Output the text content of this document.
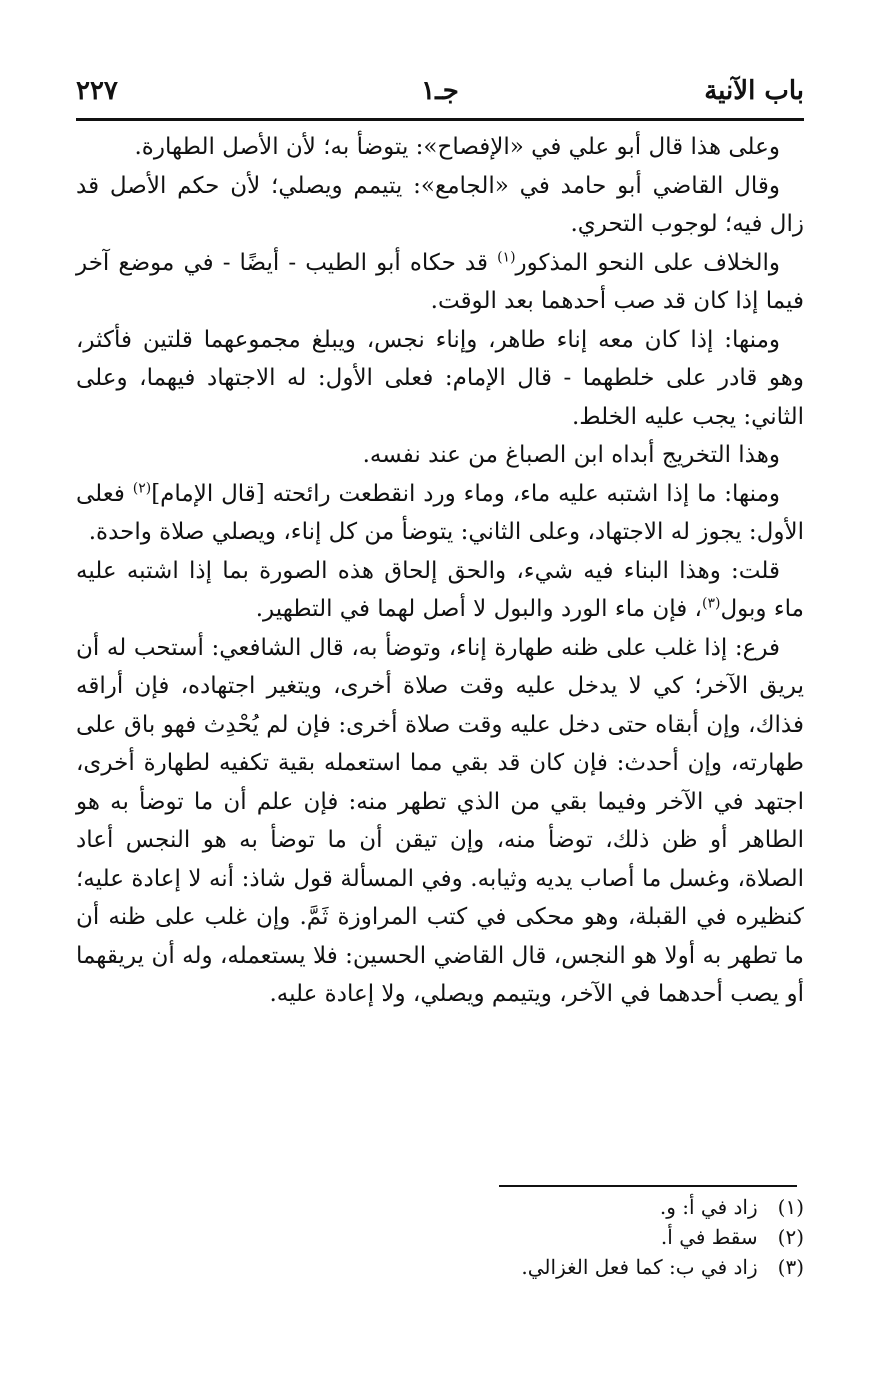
باب الآنية
جـ١
٢٢٧

وعلى هذا قال أبو علي في «الإفصاح»: يتوضأ به؛ لأن الأصل الطهارة.

وقال القاضي أبو حامد في «الجامع»: يتيمم ويصلي؛ لأن حكم الأصل قد زال فيه؛ لوجوب التحري.

والخلاف على النحو المذكور$^{(١)}$ قد حكاه أبو الطيب - أيضًا - في موضع آخر فيما إذا كان قد صب أحدهما بعد الوقت.

ومنها: إذا كان معه إناء طاهر، وإناء نجس، ويبلغ مجموعهما قلتين فأكثر، وهو قادر على خلطهما - قال الإمام: فعلى الأول: له الاجتهاد فيهما، وعلى الثاني: يجب عليه الخلط.

وهذا التخريج أبداه ابن الصباغ من عند نفسه.

ومنها: ما إذا اشتبه عليه ماء، وماء ورد انقطعت رائحته [قال الإمام]$^{(٢)}$ فعلى الأول: يجوز له الاجتهاد، وعلى الثاني: يتوضأ من كل إناء، ويصلي صلاة واحدة.

قلت: وهذا البناء فيه شيء، والحق إلحاق هذه الصورة بما إذا اشتبه عليه ماء وبول$^{(٣)}$، فإن ماء الورد والبول لا أصل لهما في التطهير.

فرع: إذا غلب على ظنه طهارة إناء، وتوضأ به، قال الشافعي: أستحب له أن يريق الآخر؛ كي لا يدخل عليه وقت صلاة أخرى، ويتغير اجتهاده، فإن أراقه فذاك، وإن أبقاه حتى دخل عليه وقت صلاة أخرى: فإن لم يُحْدِث فهو باق على طهارته، وإن أحدث: فإن كان قد بقي مما استعمله بقية تكفيه لطهارة أخرى، اجتهد في الآخر وفيما بقي من الذي تطهر منه: فإن علم أن ما توضأ به هو الطاهر أو ظن ذلك، توضأ منه، وإن تيقن أن ما توضأ به هو النجس أعاد الصلاة، وغسل ما أصاب يديه وثيابه. وفي المسألة قول شاذ: أنه لا إعادة عليه؛ كنظيره في القبلة، وهو محكى في كتب المراوزة ثَمَّ. وإن غلب على ظنه أن ما تطهر به أولا هو النجس، قال القاضي الحسين: فلا يستعمله، وله أن يريقهما أو يصب أحدهما في الآخر، ويتيمم ويصلي، ولا إعادة عليه.

(١) زاد في أ: و.

(٢) سقط في أ.

(٣) زاد في ب: كما فعل الغزالي.
